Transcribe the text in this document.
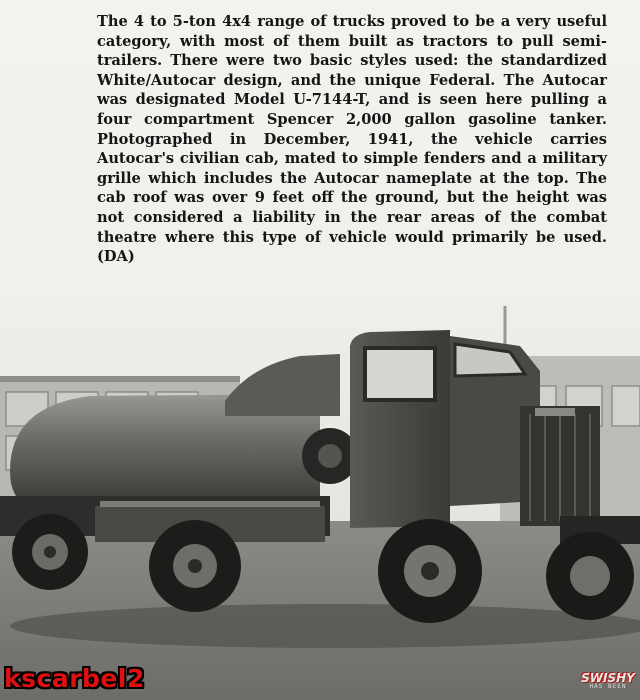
The 4 to 5-ton 4x4 range of trucks proved to be a very useful category, with most of them built as tractors to pull semi-trailers. There were two basic styles used: the standardized White/Autocar design, and the unique Federal. The Autocar was designated Model U-7144-T, and is seen here pulling a four compartment Spencer 2,000 gallon gasoline tanker. Photographed in December, 1941, the vehicle carries Autocar's civilian cab, mated to simple fenders and a military grille which includes the Autocar nameplate at the top. The cab roof was over 9 feet off the ground, but the height was not considered a liability in the rear areas of the combat theatre where this type of vehicle would primarily be used. (DA)

kscarbel2	SWISHY
HAS BEEN
